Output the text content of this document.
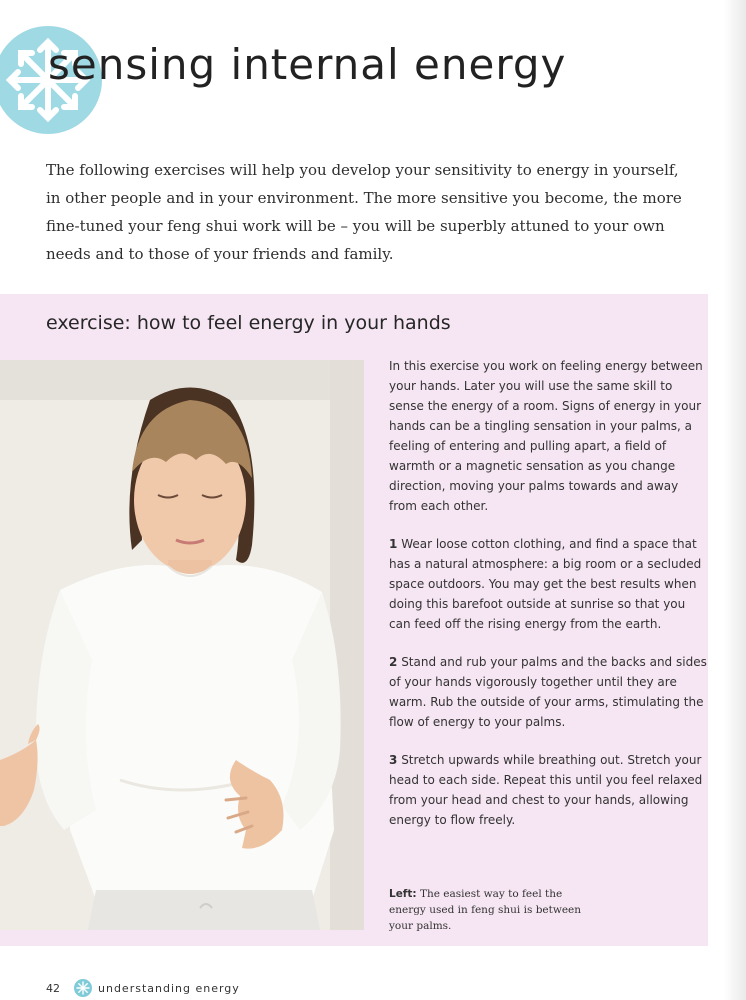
sensing internal energy

The following exercises will help you develop your sensitivity to energy in yourself, in other people and in your environment. The more sensitive you become, the more fine-tuned your feng shui work will be – you will be superbly attuned to your own needs and to those of your friends and family.

exercise: how to feel energy in your hands

In this exercise you work on feeling energy between your hands. Later you will use the same skill to sense the energy of a room. Signs of energy in your hands can be a tingling sensation in your palms, a feeling of entering and pulling apart, a field of warmth or a magnetic sensation as you change direction, moving your palms towards and away from each other.

1 Wear loose cotton clothing, and find a space that has a natural atmosphere: a big room or a secluded space outdoors. You may get the best results when doing this barefoot outside at sunrise so that you can feed off the rising energy from the earth.

2 Stand and rub your palms and the backs and sides of your hands vigorously together until they are warm. Rub the outside of your arms, stimulating the flow of energy to your palms.

3 Stretch upwards while breathing out. Stretch your head to each side. Repeat this until you feel relaxed from your head and chest to your hands, allowing energy to flow freely.

Left: The easiest way to feel the energy used in feng shui is between your palms.

42	understanding energy
